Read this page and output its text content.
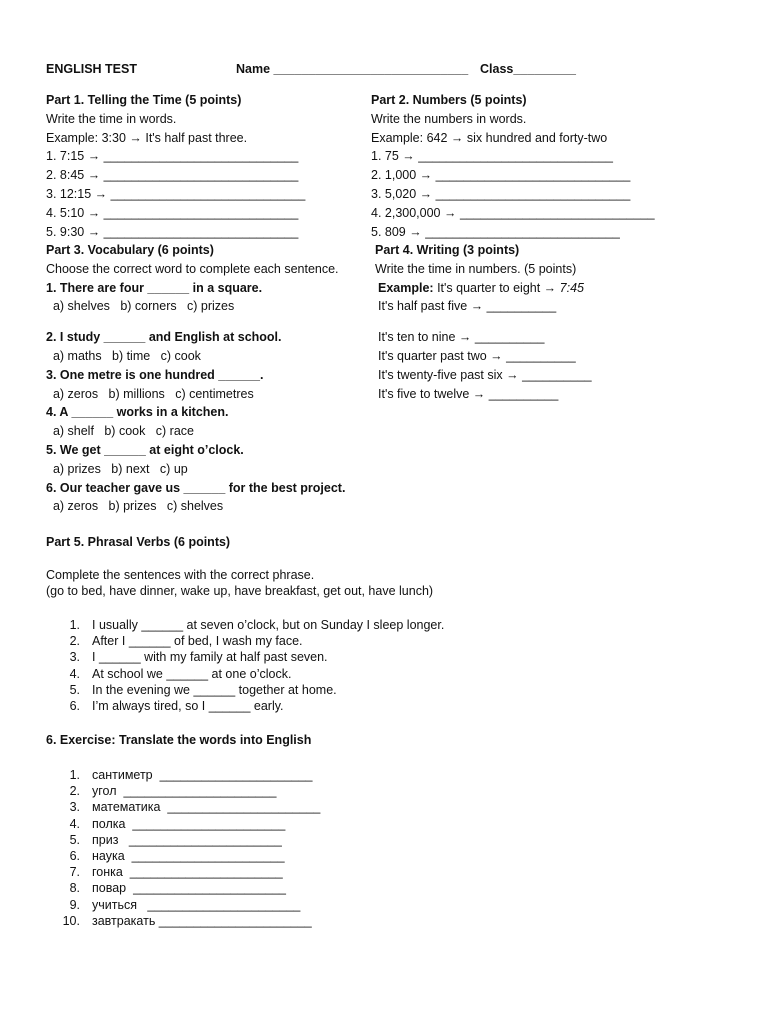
ENGLISH TEST	Name ____________________________ Class_________
Part 1. Telling the Time (5 points)
Write the time in words.
Example: 3:30 → It's half past three.
1. 7:15 → ____________________________
2. 8:45 → ____________________________
3. 12:15 → ____________________________
4. 5:10 → ____________________________
5. 9:30 → ____________________________
Part 2. Numbers (5 points)
Write the numbers in words.
Example: 642 → six hundred and forty-two
1. 75 → ____________________________
2. 1,000 → ____________________________
3. 5,020 → ____________________________
4. 2,300,000 → ____________________________
5. 809 → ____________________________
Part 3. Vocabulary (6 points)
Choose the correct word to complete each sentence.
1. There are four ______ in a square.
a) shelves   b) corners   c) prizes
2. I study ______ and English at school.
a) maths   b) time   c) cook
3. One metre is one hundred ______.
a) zeros   b) millions   c) centimetres
4. A ______ works in a kitchen.
a) shelf   b) cook   c) race
5. We get ______ at eight o’clock.
a) prizes   b) next   c) up
6. Our teacher gave us ______ for the best project.
a) zeros   b) prizes   c) shelves
Part 4. Writing (3 points)
Write the time in numbers. (5 points)
Example: It's quarter to eight → 7:45
It's half past five → __________
It's ten to nine → __________
It's quarter past two → __________
It's twenty-five past six → __________
It's five to twelve → __________
Part 5. Phrasal Verbs (6 points)
Complete the sentences with the correct phrase.
(go to bed, have dinner, wake up, have breakfast, get out, have lunch)
1. I usually ______ at seven o’clock, but on Sunday I sleep longer.
2. After I ______ of bed, I wash my face.
3. I ______ with my family at half past seven.
4. At school we ______ at one o’clock.
5. In the evening we ______ together at home.
6. I’m always tired, so I ______ early.
6. Exercise: Translate the words into English
1. сантиметр  ______________________
2. угол  ______________________
3. математика  ______________________
4. полка  ______________________
5. приз   ______________________
6. наука  ______________________
7. гонка  ______________________
8. повар  ______________________
9. учиться   ______________________
10. завтракать ______________________
